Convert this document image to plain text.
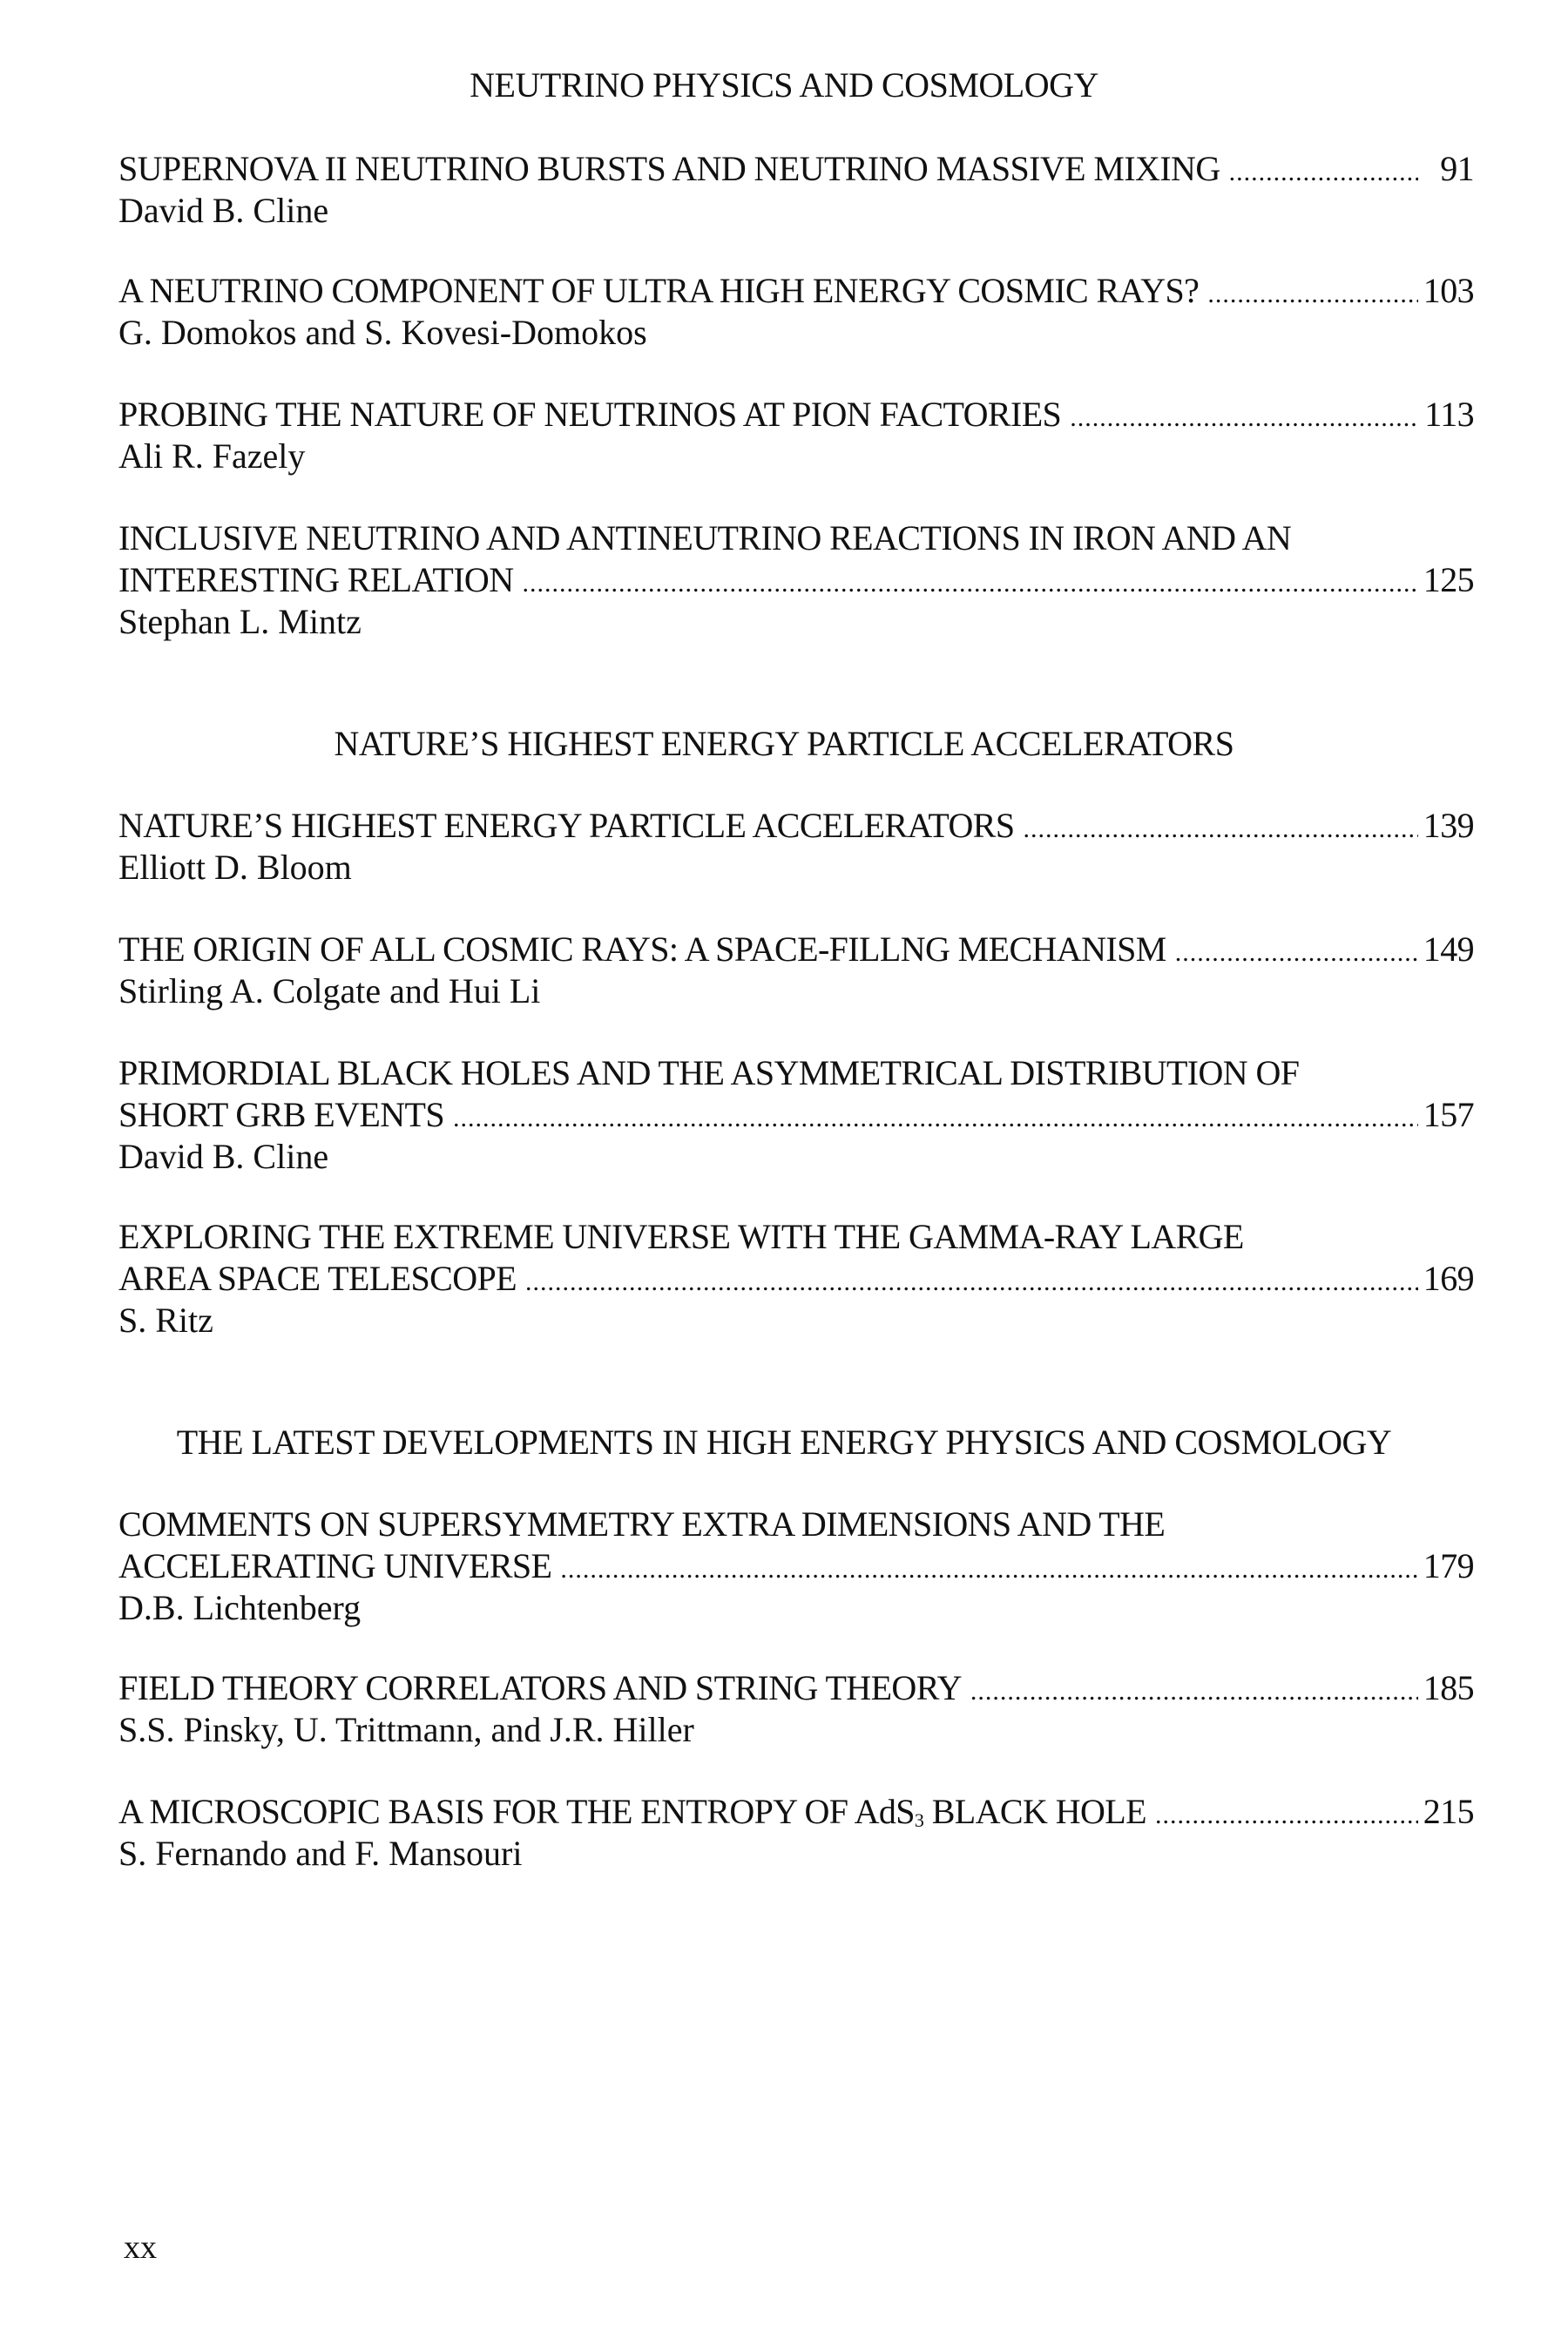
NEUTRINO PHYSICS AND COSMOLOGY
SUPERNOVA II NEUTRINO BURSTS AND NEUTRINO MASSIVE MIXING .....	91
David B. Cline
A NEUTRINO COMPONENT OF ULTRA HIGH ENERGY COSMIC RAYS? .....	103
G. Domokos and S. Kovesi-Domokos
PROBING THE NATURE OF NEUTRINOS AT PION FACTORIES .....	113
Ali R. Fazely
INCLUSIVE NEUTRINO AND ANTINEUTRINO REACTIONS IN IRON AND AN
INTERESTING RELATION .....	125
Stephan L. Mintz
NATURE’S HIGHEST ENERGY PARTICLE ACCELERATORS
NATURE’S HIGHEST ENERGY PARTICLE ACCELERATORS .....	139
Elliott D. Bloom
THE ORIGIN OF ALL COSMIC RAYS: A SPACE-FILLNG MECHANISM .....	149
Stirling A. Colgate and Hui Li
PRIMORDIAL BLACK HOLES AND THE ASYMMETRICAL DISTRIBUTION OF
SHORT GRB EVENTS .....	157
David B. Cline
EXPLORING THE EXTREME UNIVERSE WITH THE GAMMA-RAY LARGE
AREA SPACE TELESCOPE .....	169
S. Ritz
THE LATEST DEVELOPMENTS IN HIGH ENERGY PHYSICS AND COSMOLOGY
COMMENTS ON SUPERSYMMETRY EXTRA DIMENSIONS AND THE
ACCELERATING UNIVERSE .....	179
D.B. Lichtenberg
FIELD THEORY CORRELATORS AND STRING THEORY .....	185
S.S. Pinsky, U. Trittmann, and J.R. Hiller
A MICROSCOPIC BASIS FOR THE ENTROPY OF AdS$_3$ BLACK HOLE .....	215
S. Fernando and F. Mansouri
xx
